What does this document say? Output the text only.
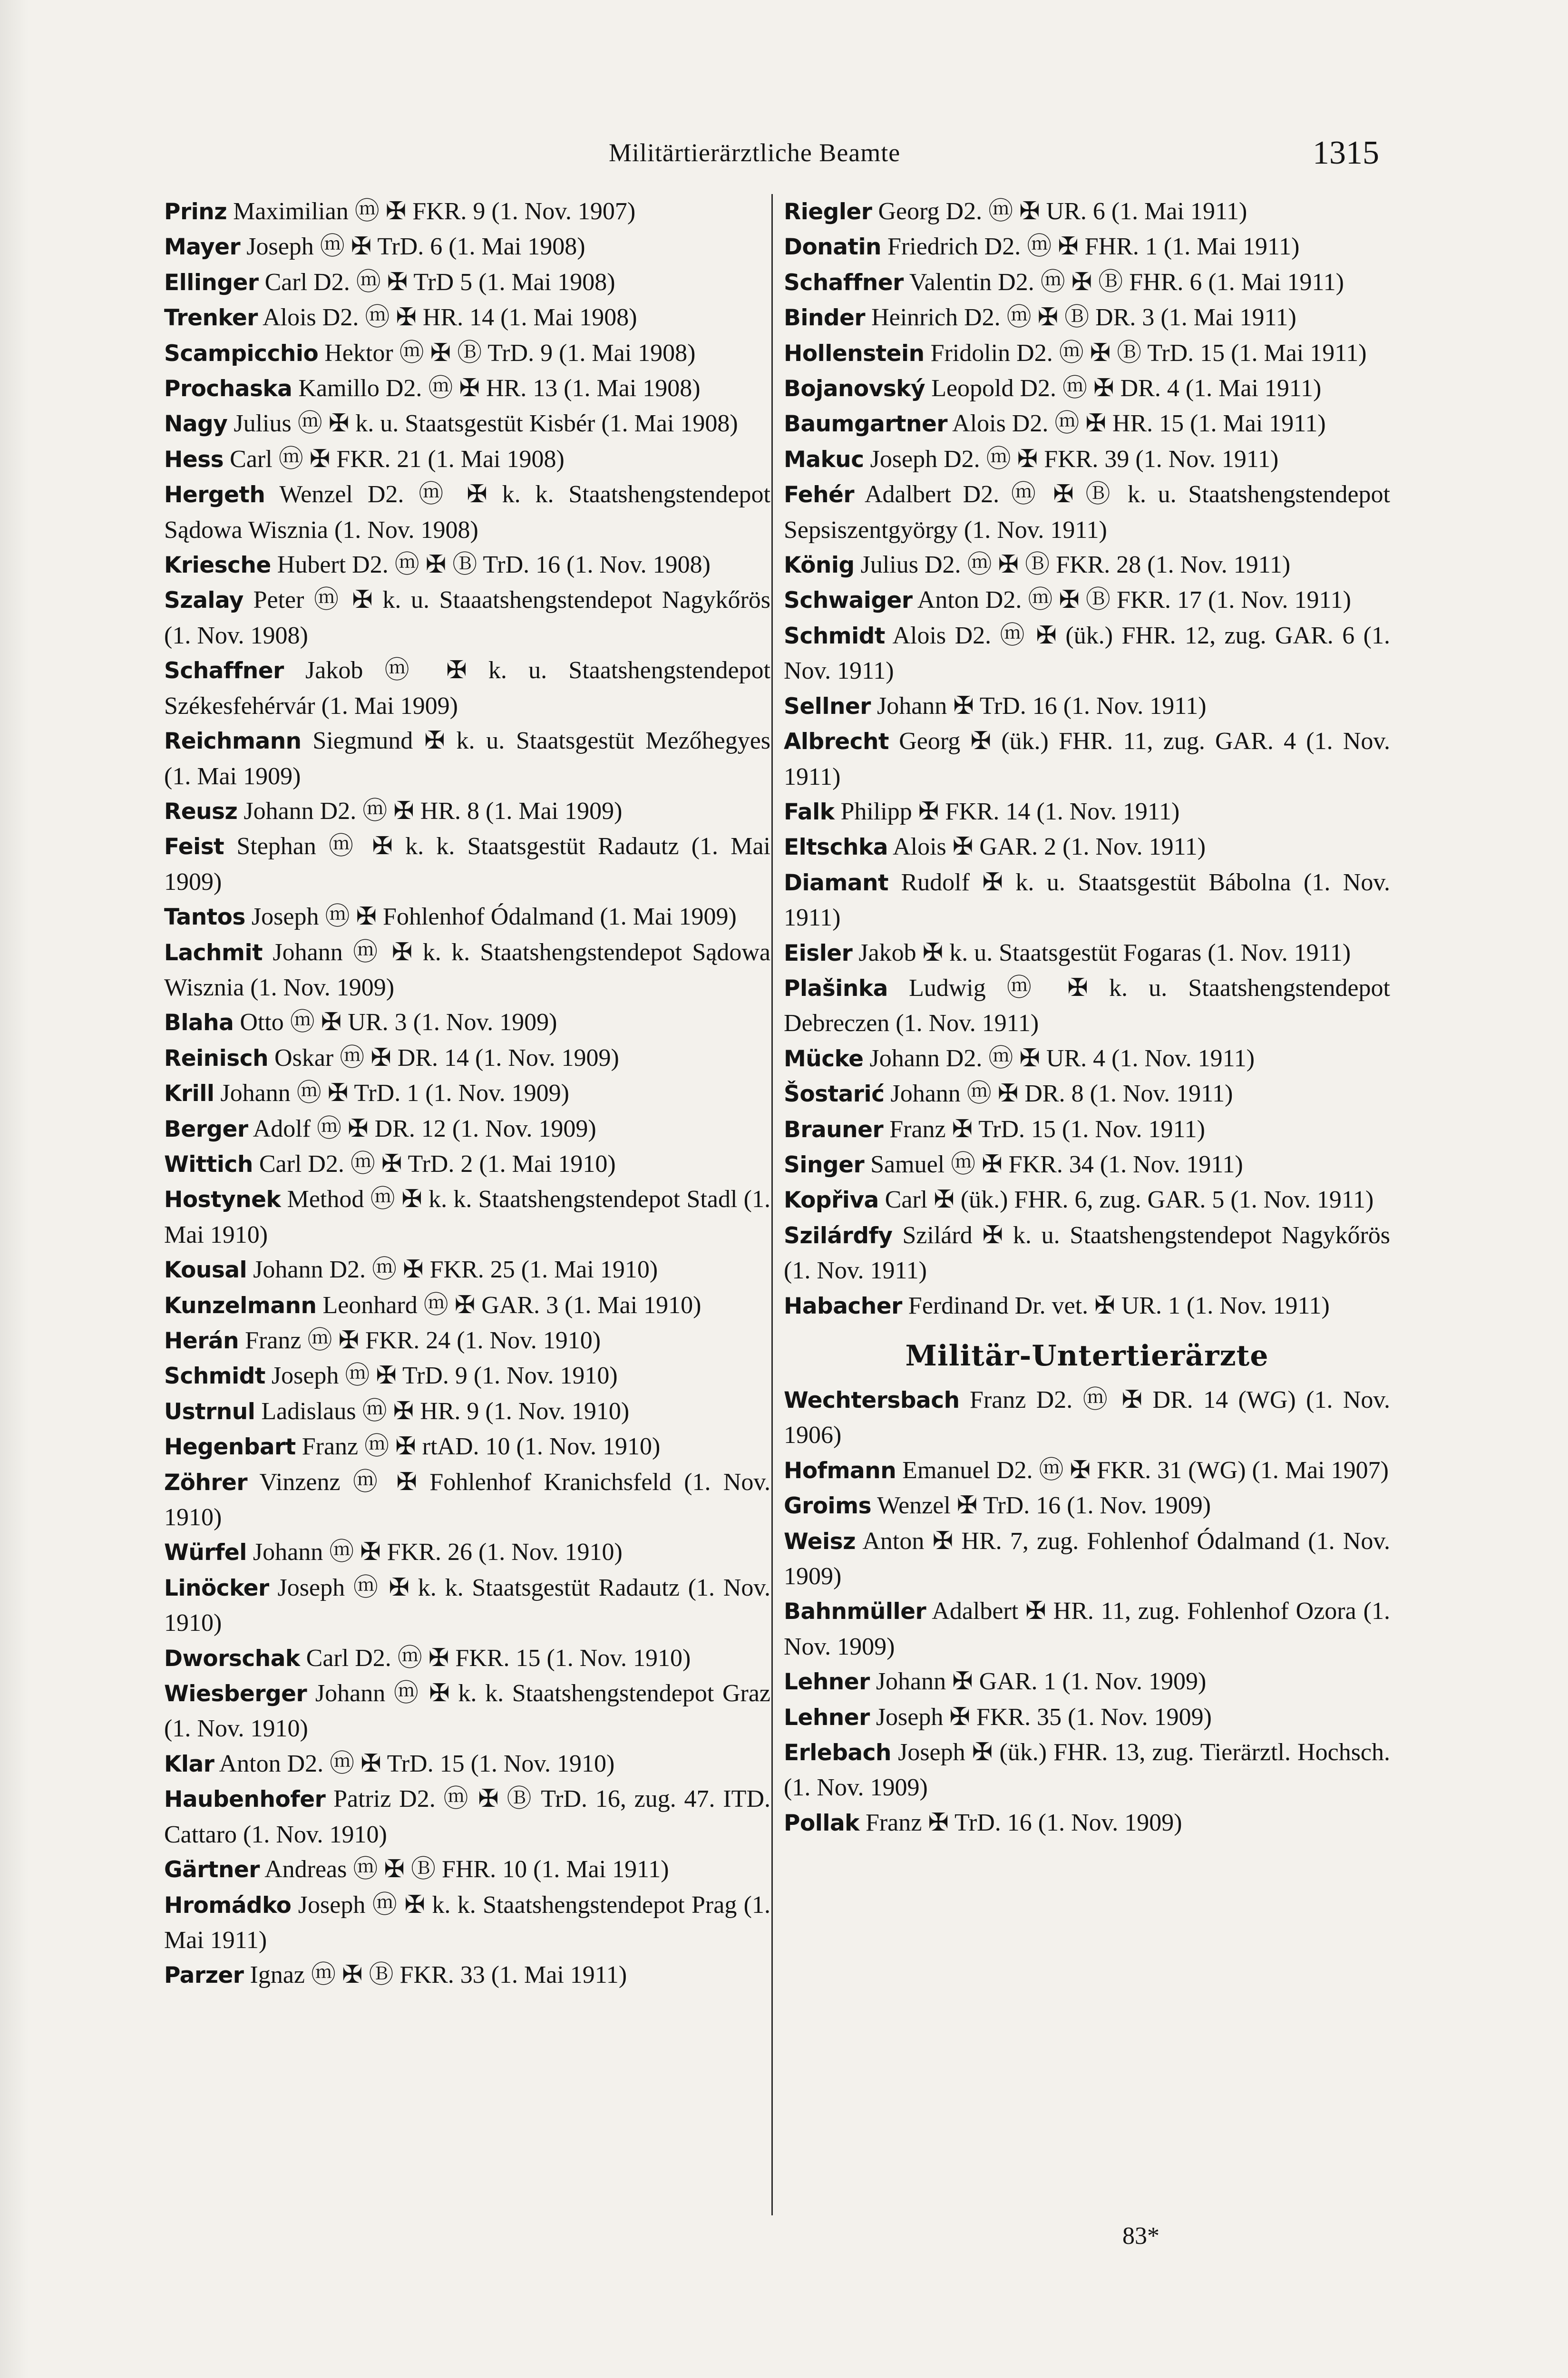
Militärtierärztliche Beamte	1315
Prinz Maximilian ⓜ ✠ FKR. 9 (1. Nov. 1907)
Mayer Joseph ⓜ ✠ TrD. 6 (1. Mai 1908)
Ellinger Carl D2. ⓜ ✠ TrD 5 (1. Mai 1908)
Trenker Alois D2. ⓜ ✠ HR. 14 (1. Mai 1908)
Scampicchio Hektor ⓜ ✠ Ⓑ TrD. 9 (1. Mai 1908)
Prochaska Kamillo D2. ⓜ ✠ HR. 13 (1. Mai 1908)
Nagy Julius ⓜ ✠ k. u. Staatsgestüt Kisbér (1. Mai 1908)
Hess Carl ⓜ ✠ FKR. 21 (1. Mai 1908)
Hergeth Wenzel D2. ⓜ ✠ k. k. Staatshengstendepot Sądowa Wisznia (1. Nov. 1908)
Kriesche Hubert D2. ⓜ ✠ Ⓑ TrD. 16 (1. Nov. 1908)
Szalay Peter ⓜ ✠ k. u. Staaatshengstendepot Nagykőrös (1. Nov. 1908)
Schaffner Jakob ⓜ ✠ k. u. Staatshengstendepot Székesfehérvár (1. Mai 1909)
Reichmann Siegmund ✠ k. u. Staatsgestüt Mezőhegyes (1. Mai 1909)
Reusz Johann D2. ⓜ ✠ HR. 8 (1. Mai 1909)
Feist Stephan ⓜ ✠ k. k. Staatsgestüt Radautz (1. Mai 1909)
Tantos Joseph ⓜ ✠ Fohlenhof Ódalmand (1. Mai 1909)
Lachmit Johann ⓜ ✠ k. k. Staatshengstendepot Sądowa Wisznia (1. Nov. 1909)
Blaha Otto ⓜ ✠ UR. 3 (1. Nov. 1909)
Reinisch Oskar ⓜ ✠ DR. 14 (1. Nov. 1909)
Krill Johann ⓜ ✠ TrD. 1 (1. Nov. 1909)
Berger Adolf ⓜ ✠ DR. 12 (1. Nov. 1909)
Wittich Carl D2. ⓜ ✠ TrD. 2 (1. Mai 1910)
Hostynek Method ⓜ ✠ k. k. Staatshengstendepot Stadl (1. Mai 1910)
Kousal Johann D2. ⓜ ✠ FKR. 25 (1. Mai 1910)
Kunzelmann Leonhard ⓜ ✠ GAR. 3 (1. Mai 1910)
Herán Franz ⓜ ✠ FKR. 24 (1. Nov. 1910)
Schmidt Joseph ⓜ ✠ TrD. 9 (1. Nov. 1910)
Ustrnul Ladislaus ⓜ ✠ HR. 9 (1. Nov. 1910)
Hegenbart Franz ⓜ ✠ rtAD. 10 (1. Nov. 1910)
Zöhrer Vinzenz ⓜ ✠ Fohlenhof Kranichsfeld (1. Nov. 1910)
Würfel Johann ⓜ ✠ FKR. 26 (1. Nov. 1910)
Linöcker Joseph ⓜ ✠ k. k. Staatsgestüt Radautz (1. Nov. 1910)
Dworschak Carl D2. ⓜ ✠ FKR. 15 (1. Nov. 1910)
Wiesberger Johann ⓜ ✠ k. k. Staatshengstendepot Graz (1. Nov. 1910)
Klar Anton D2. ⓜ ✠ TrD. 15 (1. Nov. 1910)
Haubenhofer Patriz D2. ⓜ ✠ Ⓑ TrD. 16, zug. 47. ITD. Cattaro (1. Nov. 1910)
Gärtner Andreas ⓜ ✠ Ⓑ FHR. 10 (1. Mai 1911)
Hromádko Joseph ⓜ ✠ k. k. Staatshengstendepot Prag (1. Mai 1911)
Parzer Ignaz ⓜ ✠ Ⓑ FKR. 33 (1. Mai 1911)
Riegler Georg D2. ⓜ ✠ UR. 6 (1. Mai 1911)
Donatin Friedrich D2. ⓜ ✠ FHR. 1 (1. Mai 1911)
Schaffner Valentin D2. ⓜ ✠ Ⓑ FHR. 6 (1. Mai 1911)
Binder Heinrich D2. ⓜ ✠ Ⓑ DR. 3 (1. Mai 1911)
Hollenstein Fridolin D2. ⓜ ✠ Ⓑ TrD. 15 (1. Mai 1911)
Bojanovský Leopold D2. ⓜ ✠ DR. 4 (1. Mai 1911)
Baumgartner Alois D2. ⓜ ✠ HR. 15 (1. Mai 1911)
Makuc Joseph D2. ⓜ ✠ FKR. 39 (1. Nov. 1911)
Fehér Adalbert D2. ⓜ ✠ Ⓑ k. u. Staatshengstendepot Sepsiszentgyörgy (1. Nov. 1911)
König Julius D2. ⓜ ✠ Ⓑ FKR. 28 (1. Nov. 1911)
Schwaiger Anton D2. ⓜ ✠ Ⓑ FKR. 17 (1. Nov. 1911)
Schmidt Alois D2. ⓜ ✠ (ük.) FHR. 12, zug. GAR. 6 (1. Nov. 1911)
Sellner Johann ✠ TrD. 16 (1. Nov. 1911)
Albrecht Georg ✠ (ük.) FHR. 11, zug. GAR. 4 (1. Nov. 1911)
Falk Philipp ✠ FKR. 14 (1. Nov. 1911)
Eltschka Alois ✠ GAR. 2 (1. Nov. 1911)
Diamant Rudolf ✠ k. u. Staatsgestüt Bábolna (1. Nov. 1911)
Eisler Jakob ✠ k. u. Staatsgestüt Fogaras (1. Nov. 1911)
Plašinka Ludwig ⓜ ✠ k. u. Staatshengstendepot Debreczen (1. Nov. 1911)
Mücke Johann D2. ⓜ ✠ UR. 4 (1. Nov. 1911)
Šostarić Johann ⓜ ✠ DR. 8 (1. Nov. 1911)
Brauner Franz ✠ TrD. 15 (1. Nov. 1911)
Singer Samuel ⓜ ✠ FKR. 34 (1. Nov. 1911)
Kopřiva Carl ✠ (ük.) FHR. 6, zug. GAR. 5 (1. Nov. 1911)
Szilárdfy Szilárd ✠ k. u. Staatshengstendepot Nagykőrös (1. Nov. 1911)
Habacher Ferdinand Dr. vet. ✠ UR. 1 (1. Nov. 1911)
Militär-Untertierärzte
Wechtersbach Franz D2. ⓜ ✠ DR. 14 (WG) (1. Nov. 1906)
Hofmann Emanuel D2. ⓜ ✠ FKR. 31 (WG) (1. Mai 1907)
Groims Wenzel ✠ TrD. 16 (1. Nov. 1909)
Weisz Anton ✠ HR. 7, zug. Fohlenhof Ódalmand (1. Nov. 1909)
Bahnmüller Adalbert ✠ HR. 11, zug. Fohlenhof Ozora (1. Nov. 1909)
Lehner Johann ✠ GAR. 1 (1. Nov. 1909)
Lehner Joseph ✠ FKR. 35 (1. Nov. 1909)
Erlebach Joseph ✠ (ük.) FHR. 13, zug. Tierärztl. Hochsch. (1. Nov. 1909)
Pollak Franz ✠ TrD. 16 (1. Nov. 1909)
83*
